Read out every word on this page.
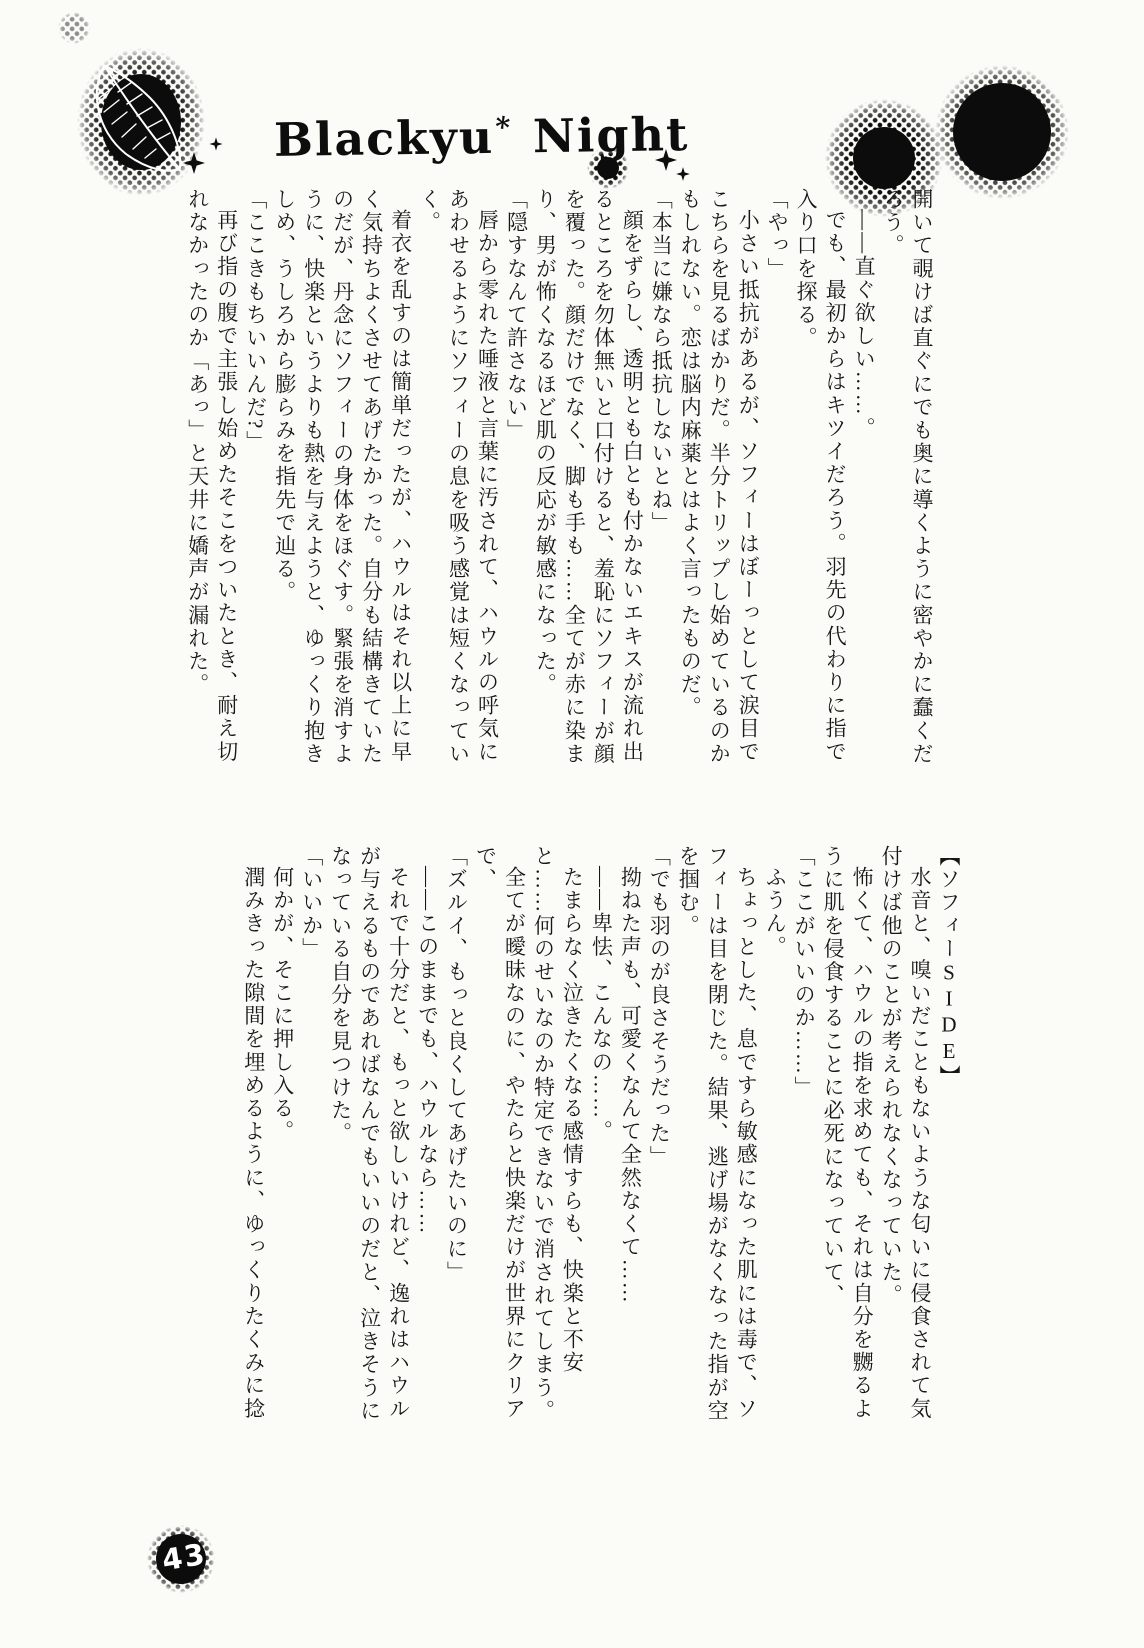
Blackyu* Night

開いて覗けば直ぐにでも奥に導くように密やかに蠢くだろう。

――直ぐ欲しい……。

でも、最初からはキツイだろう。羽先の代わりに指で入り口を探る。

「やっ」

小さい抵抗があるが、ソフィーはぼーっとして涙目でこちらを見るばかりだ。半分トリップし始めているのかもしれない。恋は脳内麻薬とはよく言ったものだ。

「本当に嫌なら抵抗しないとね」

顔をずらし、透明とも白とも付かないエキスが流れ出るところを勿体無いと口付けると、羞恥にソフィーが顔を覆った。顔だけでなく、脚も手も……全てが赤に染まり、男が怖くなるほど肌の反応が敏感になった。

「隠すなんて許さない」

唇から零れた唾液と言葉に汚されて、ハウルの呼気にあわせるようにソフィーの息を吸う感覚は短くなっていく。

着衣を乱すのは簡単だったが、ハウルはそれ以上に早く気持ちよくさせてあげたかった。自分も結構きていたのだが、丹念にソフィーの身体をほぐす。緊張を消すように、快楽というよりも熱を与えようと、ゆっくり抱きしめ、うしろから膨らみを指先で辿る。

「ここきもちいいんだ?」

再び指の腹で主張し始めたそこをついたとき、耐え切れなかったのか「あっ」と天井に嬌声が漏れた。

【ソフィーSIDE】

水音と、嗅いだこともないような匂いに侵食されて気付けば他のことが考えられなくなっていた。

怖くて、ハウルの指を求めても、それは自分を嬲るように肌を侵食することに必死になっていて、

「ここがいいのか……」

ふうん。

ちょっとした、息ですら敏感になった肌には毒で、ソフィーは目を閉じた。結果、逃げ場がなくなった指が空を掴む。

「でも羽のが良さそうだった」

拗ねた声も、可愛くなんて全然なくて……

――卑怯、こんなの……。

たまらなく泣きたくなる感情すらも、快楽と不安と……何のせいなのか特定できないで消されてしまう。

全てが曖昧なのに、やたらと快楽だけが世界にクリアで、

「ズルイ、もっと良くしてあげたいのに」

――このままでも、ハウルなら……

それで十分だと、もっと欲しいけれど、逸れはハウルが与えるものであればなんでもいいのだと、泣きそうになっている自分を見つけた。

「いいか」

何かが、そこに押し入る。

潤みきった隙間を埋めるように、ゆっくりたくみに捻

43
